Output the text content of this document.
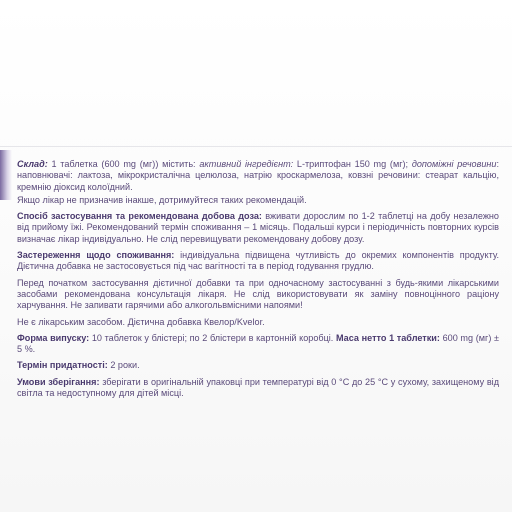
Склад: 1 таблетка (600 mg (мг)) містить: активний інгредієнт: L-триптофан 150 mg (мг); допоміжні речовини: наповнювачі: лактоза, мікрокристалічна целюлоза, натрію кроскармелоза, ковзні речовини: стеарат кальцію, кремнію діоксид колоїдний.

Якщо лікар не призначив інакше, дотримуйтеся таких рекомендацій.

Спосіб застосування та рекомендована добова доза: вживати дорослим по 1-2 таблетці на добу незалежно від прийому їжі. Рекомендований термін споживання – 1 місяць. Подальші курси і періодичність повторних курсів визначає лікар індивідуально. Не слід перевищувати рекомендовану добову дозу.

Застереження щодо споживання: індивідуальна підвищена чутливість до окремих компонентів продукту. Дієтична добавка не застосовується під час вагітності та в період годування грудлю.

Перед початком застосування дієтичної добавки та при одночасному застосуванні з будь-якими лікарськими засобами рекомендована консультація лікаря. Не слід використовувати як заміну повноцінного раціону харчування. Не запивати гарячими або алкогольвмісними напоями!

Не є лікарським засобом. Дієтична добавка Квелор/Kvelor.

Форма випуску: 10 таблеток у блістері; по 2 блістери в картонній коробці. Маса нетто 1 таблетки: 600 mg (мг) ± 5 %.

Термін придатності: 2 роки.

Умови зберігання: зберігати в оригінальній упаковці при температурі від 0 °С до 25 °С у сухому, захищеному від світла та недоступному для дітей місці.
